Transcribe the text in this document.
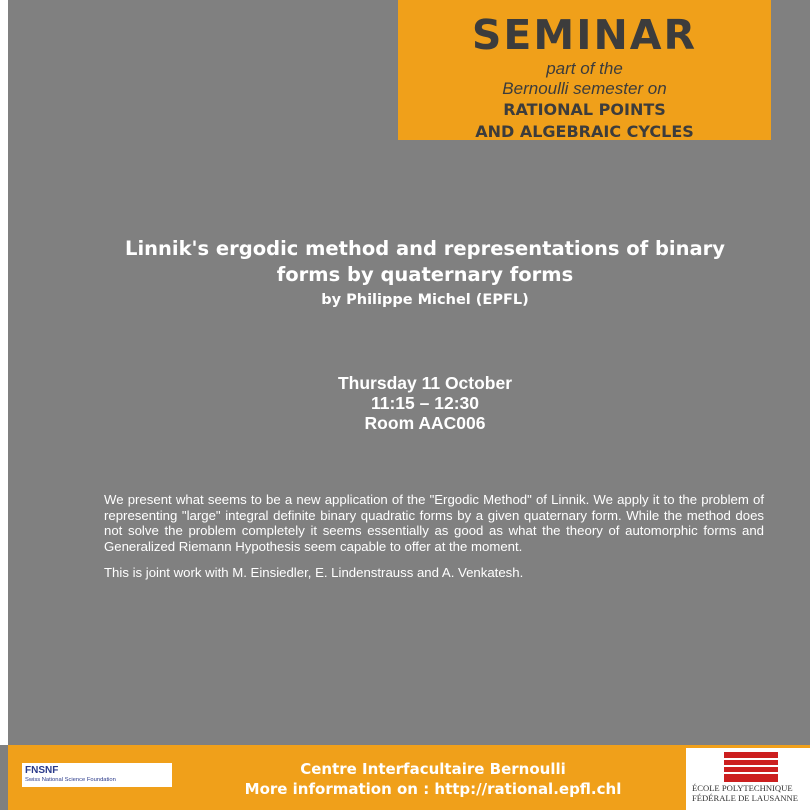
SEMINAR
part of the
Bernoulli semester on
RATIONAL POINTS
AND ALGEBRAIC CYCLES
Linnik's ergodic method and representations of binary
forms by quaternary forms
by Philippe Michel (EPFL)
Thursday 11 October
11:15 – 12:30
Room AAC006

We present what seems to be a new application of the "Ergodic Method" of Linnik. We apply it to the problem of representing "large" integral definite binary quadratic forms by a given quaternary form. While the method does not solve the problem completely it seems essentially as good as what the theory of automorphic forms and Generalized Riemann Hypothesis seem capable to offer at the moment.

This is joint work with M. Einsiedler, E. Lindenstrauss and A. Venkatesh.

FNSNF
Swiss National Science Foundation
Centre Interfacultaire Bernoulli
More information on : http://rational.epfl.chl	ÉCOLE POLYTECHNIQUE
FÉDÉRALE DE LAUSANNE
